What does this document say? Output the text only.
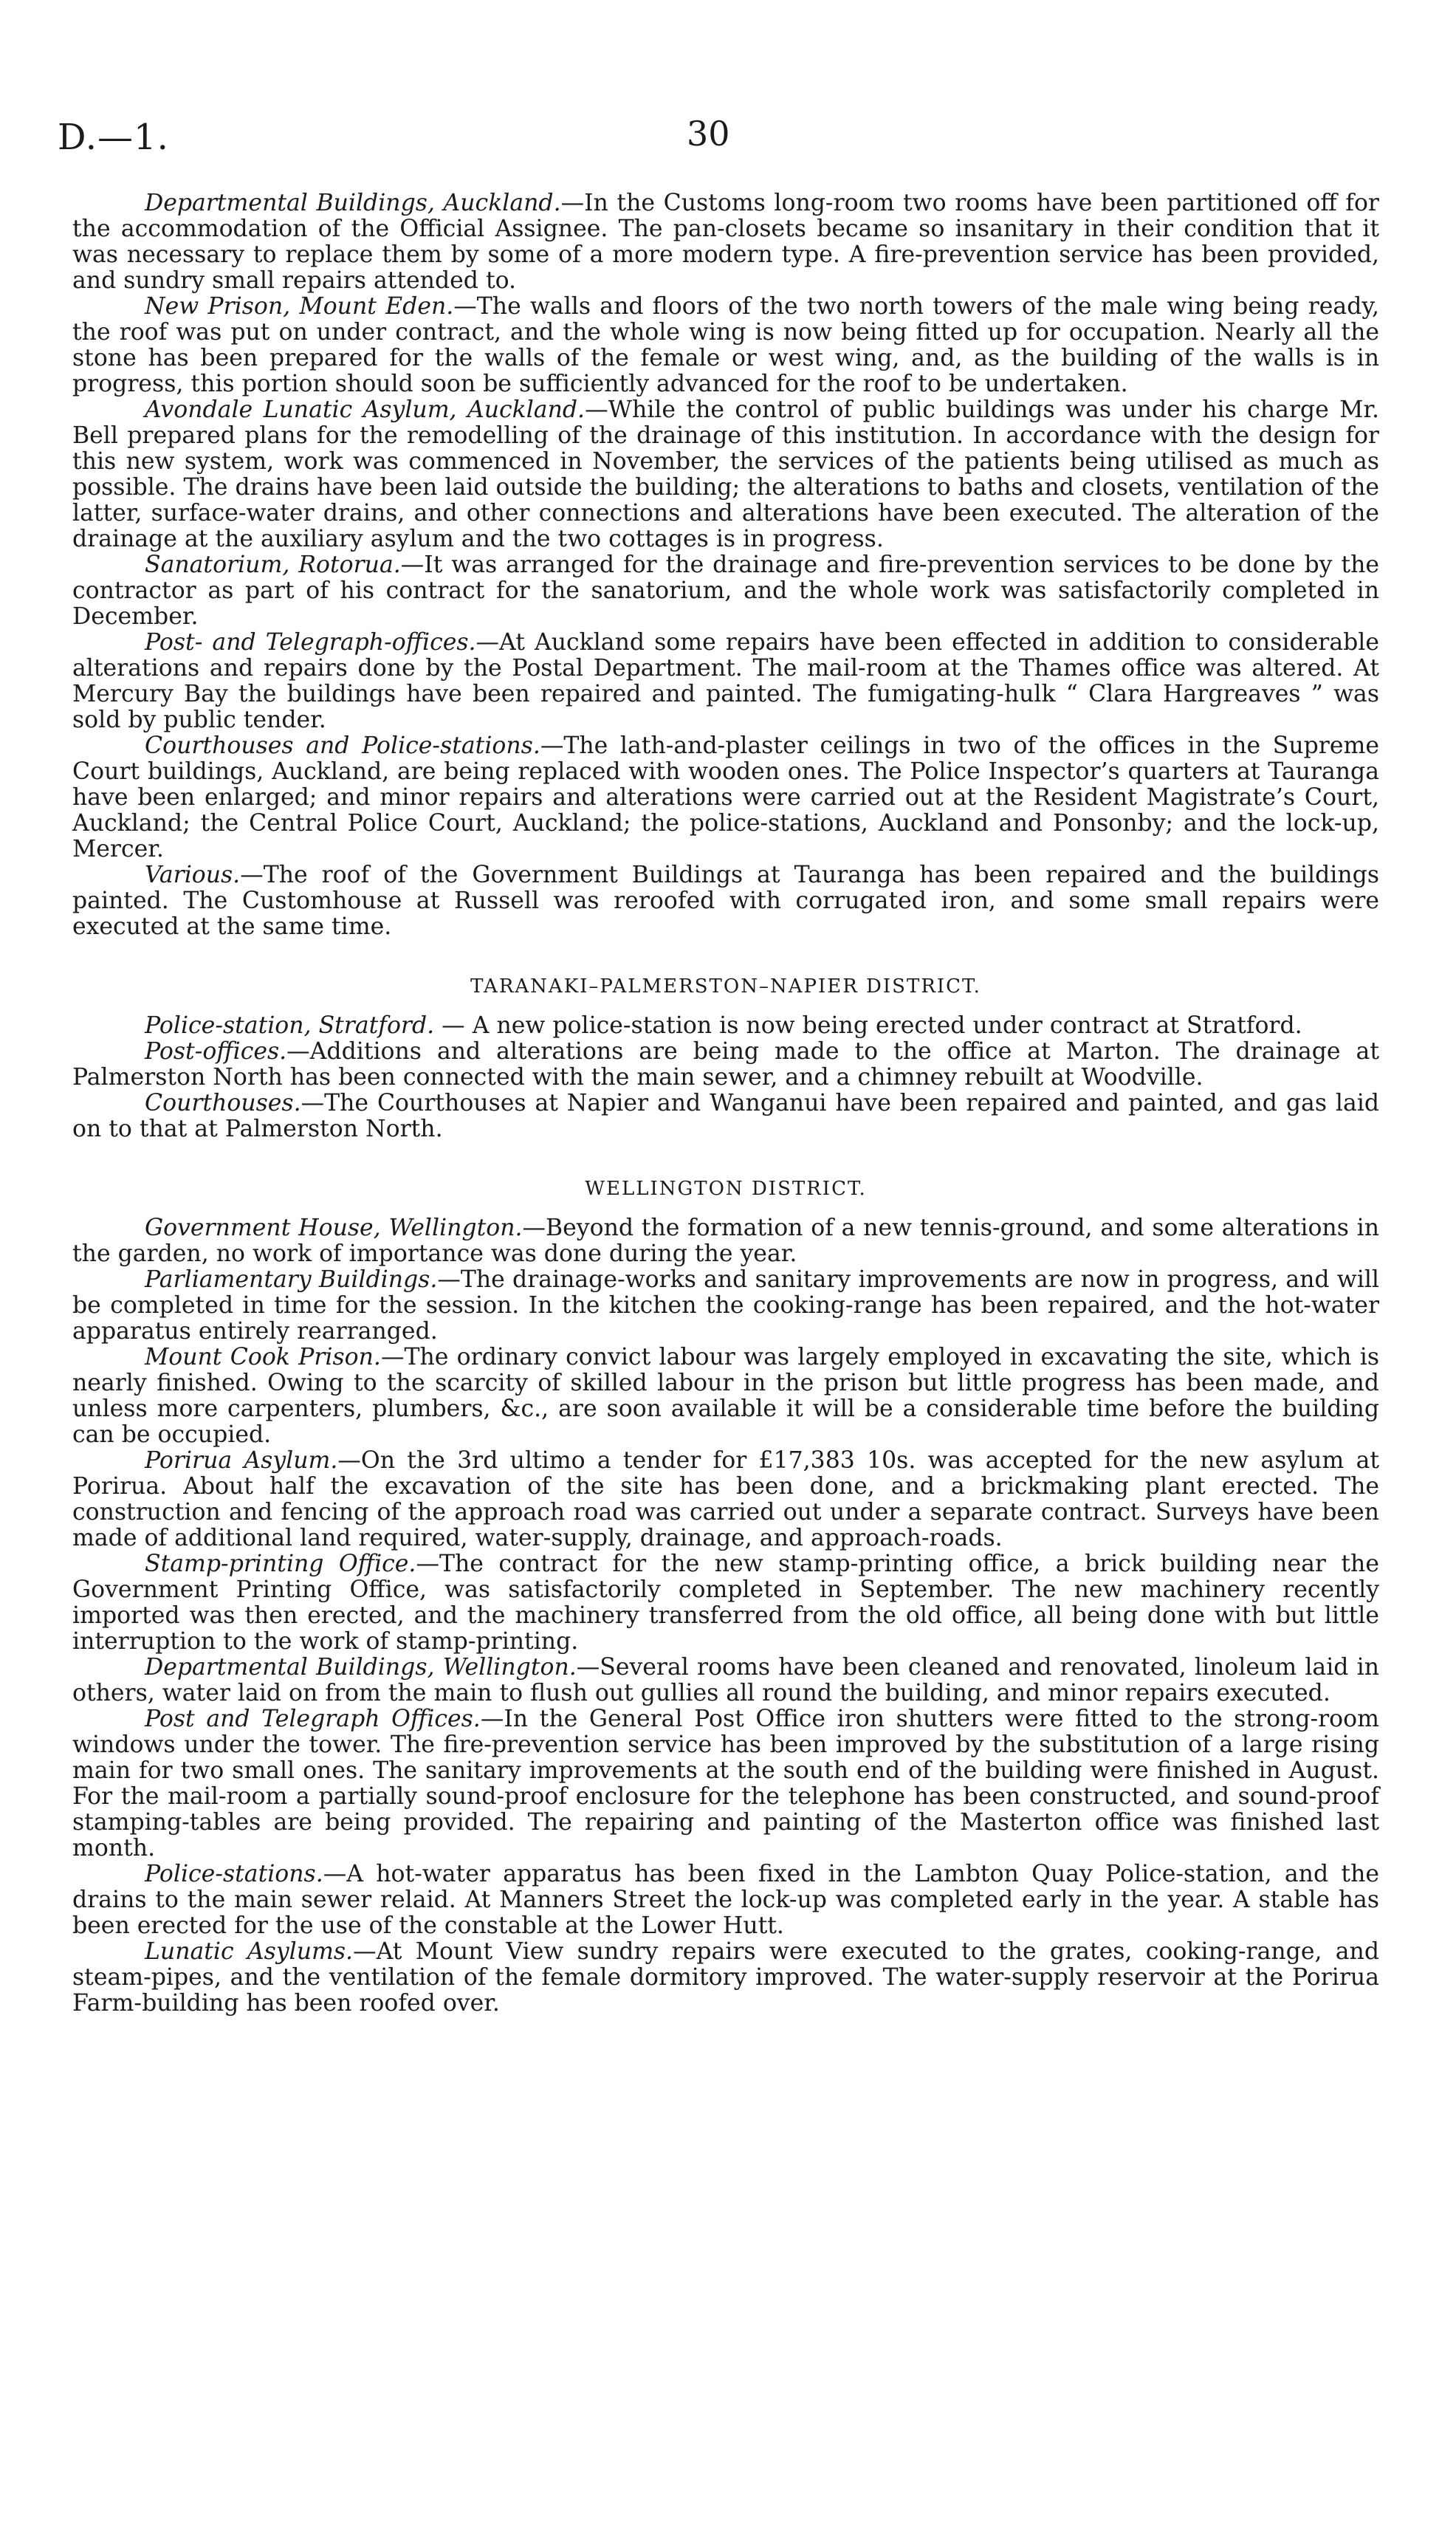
D.—1.	30

Departmental Buildings, Auckland.—In the Customs long-room two rooms have been partitioned off for the accommodation of the Official Assignee. The pan-closets became so insanitary in their condition that it was necessary to replace them by some of a more modern type. A fire-prevention service has been provided, and sundry small repairs attended to.

New Prison, Mount Eden.—The walls and floors of the two north towers of the male wing being ready, the roof was put on under contract, and the whole wing is now being fitted up for occupation. Nearly all the stone has been prepared for the walls of the female or west wing, and, as the building of the walls is in progress, this portion should soon be sufficiently advanced for the roof to be undertaken.

Avondale Lunatic Asylum, Auckland.—While the control of public buildings was under his charge Mr. Bell prepared plans for the remodelling of the drainage of this institution. In accordance with the design for this new system, work was commenced in November, the services of the patients being utilised as much as possible. The drains have been laid outside the building; the alterations to baths and closets, ventilation of the latter, surface-water drains, and other connections and alterations have been executed. The alteration of the drainage at the auxiliary asylum and the two cottages is in progress.

Sanatorium, Rotorua.—It was arranged for the drainage and fire-prevention services to be done by the contractor as part of his contract for the sanatorium, and the whole work was satisfactorily completed in December.

Post- and Telegraph-offices.—At Auckland some repairs have been effected in addition to considerable alterations and repairs done by the Postal Department. The mail-room at the Thames office was altered. At Mercury Bay the buildings have been repaired and painted. The fumigating-hulk “ Clara Hargreaves ” was sold by public tender.

Courthouses and Police-stations.—The lath-and-plaster ceilings in two of the offices in the Supreme Court buildings, Auckland, are being replaced with wooden ones. The Police Inspector’s quarters at Tauranga have been enlarged; and minor repairs and alterations were carried out at the Resident Magistrate’s Court, Auckland; the Central Police Court, Auckland; the police-stations, Auckland and Ponsonby; and the lock-up, Mercer.

Various.—The roof of the Government Buildings at Tauranga has been repaired and the buildings painted. The Customhouse at Russell was reroofed with corrugated iron, and some small repairs were executed at the same time.

TARANAKI–PALMERSTON–NAPIER DISTRICT.

Police-station, Stratford. — A new police-station is now being erected under contract at Stratford.

Post-offices.—Additions and alterations are being made to the office at Marton. The drainage at Palmerston North has been connected with the main sewer, and a chimney rebuilt at Woodville.

Courthouses.—The Courthouses at Napier and Wanganui have been repaired and painted, and gas laid on to that at Palmerston North.

WELLINGTON DISTRICT.

Government House, Wellington.—Beyond the formation of a new tennis-ground, and some alterations in the garden, no work of importance was done during the year.

Parliamentary Buildings.—The drainage-works and sanitary improvements are now in progress, and will be completed in time for the session. In the kitchen the cooking-range has been repaired, and the hot-water apparatus entirely rearranged.

Mount Cook Prison.—The ordinary convict labour was largely employed in excavating the site, which is nearly finished. Owing to the scarcity of skilled labour in the prison but little progress has been made, and unless more carpenters, plumbers, &c., are soon available it will be a considerable time before the building can be occupied.

Porirua Asylum.—On the 3rd ultimo a tender for £17,383 10s. was accepted for the new asylum at Porirua. About half the excavation of the site has been done, and a brickmaking plant erected. The construction and fencing of the approach road was carried out under a separate contract. Surveys have been made of additional land required, water-supply, drainage, and approach-roads.

Stamp-printing Office.—The contract for the new stamp-printing office, a brick building near the Government Printing Office, was satisfactorily completed in September. The new machinery recently imported was then erected, and the machinery transferred from the old office, all being done with but little interruption to the work of stamp-printing.

Departmental Buildings, Wellington.—Several rooms have been cleaned and renovated, linoleum laid in others, water laid on from the main to flush out gullies all round the building, and minor repairs executed.

Post and Telegraph Offices.—In the General Post Office iron shutters were fitted to the strong-room windows under the tower. The fire-prevention service has been improved by the substitution of a large rising main for two small ones. The sanitary improvements at the south end of the building were finished in August. For the mail-room a partially sound-proof enclosure for the telephone has been constructed, and sound-proof stamping-tables are being provided. The repairing and painting of the Masterton office was finished last month.

Police-stations.—A hot-water apparatus has been fixed in the Lambton Quay Police-station, and the drains to the main sewer relaid. At Manners Street the lock-up was completed early in the year. A stable has been erected for the use of the constable at the Lower Hutt.

Lunatic Asylums.—At Mount View sundry repairs were executed to the grates, cooking-range, and steam-pipes, and the ventilation of the female dormitory improved. The water-supply reservoir at the Porirua Farm-building has been roofed over.
